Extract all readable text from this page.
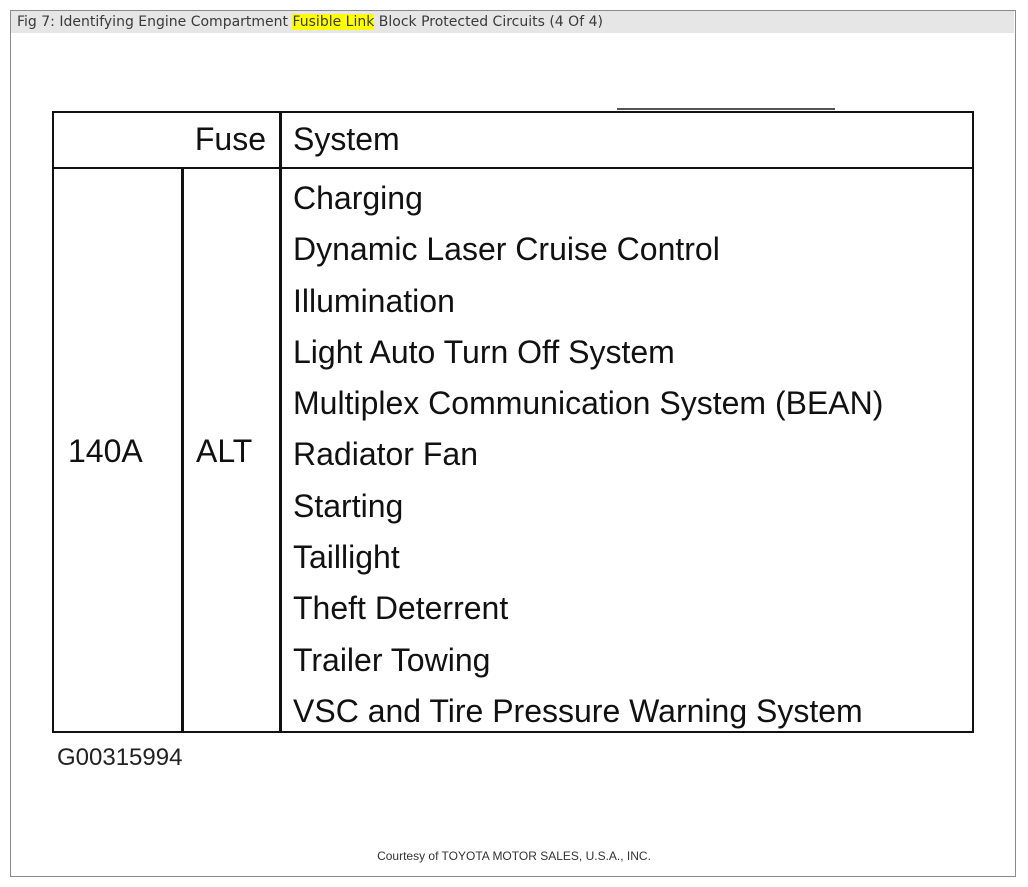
Fig 7: Identifying Engine Compartment Fusible Link Block Protected Circuits (4 Of 4)
Fuse System
140A ALT
Charging
Dynamic Laser Cruise Control
Illumination
Light Auto Turn Off System
Multiplex Communication System (BEAN)
Radiator Fan
Starting
Taillight
Theft Deterrent
Trailer Towing
VSC and Tire Pressure Warning System
G00315994
Courtesy of TOYOTA MOTOR SALES, U.S.A., INC.
